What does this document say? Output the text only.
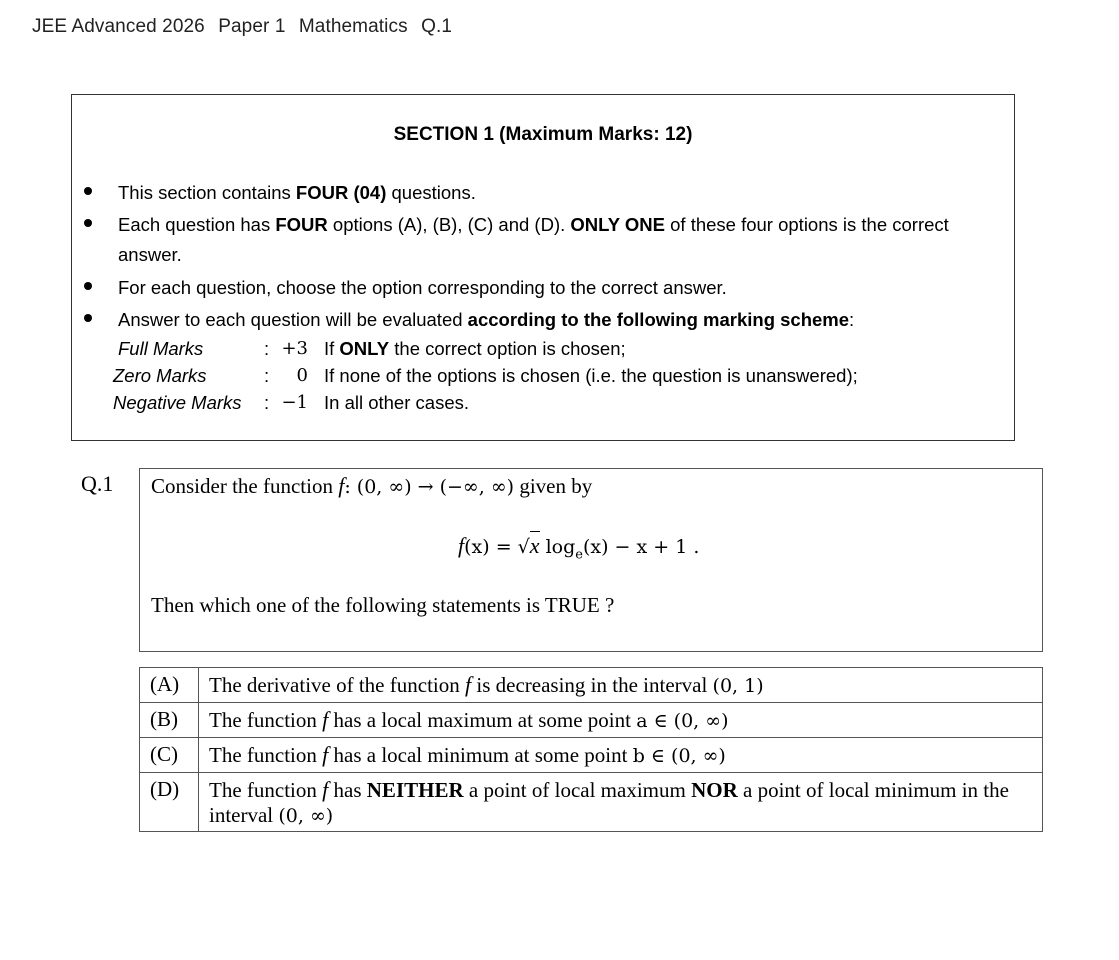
JEE Advanced 2026 Paper 1 Mathematics Q.1
SECTION 1 (Maximum Marks: 12)
This section contains FOUR (04) questions.
Each question has FOUR options (A), (B), (C) and (D). ONLY ONE of these four options is the correct answer.
For each question, choose the option corresponding to the correct answer.
Answer to each question will be evaluated according to the following marking scheme:
Full Marks	: +3 If ONLY the correct option is chosen;
Zero Marks	:	0 If none of the options is chosen (i.e. the question is unanswered);
Negative Marks : −1 In all other cases.
Q.1 Consider the function f: (0, ∞) → (−∞, ∞) given by
f(x) = √x $\log_e(x) - x + 1$ .
Then which one of the following statements is TRUE ?
(A)	The derivative of the function f is decreasing in the interval (0, 1)
(B)	The function f has a local maximum at some point a ∈ (0, ∞)
(C)	The function f has a local minimum at some point b ∈ (0, ∞)
(D)	The function f has NEITHER a point of local maximum NOR a point of local minimum in the interval (0, ∞)
